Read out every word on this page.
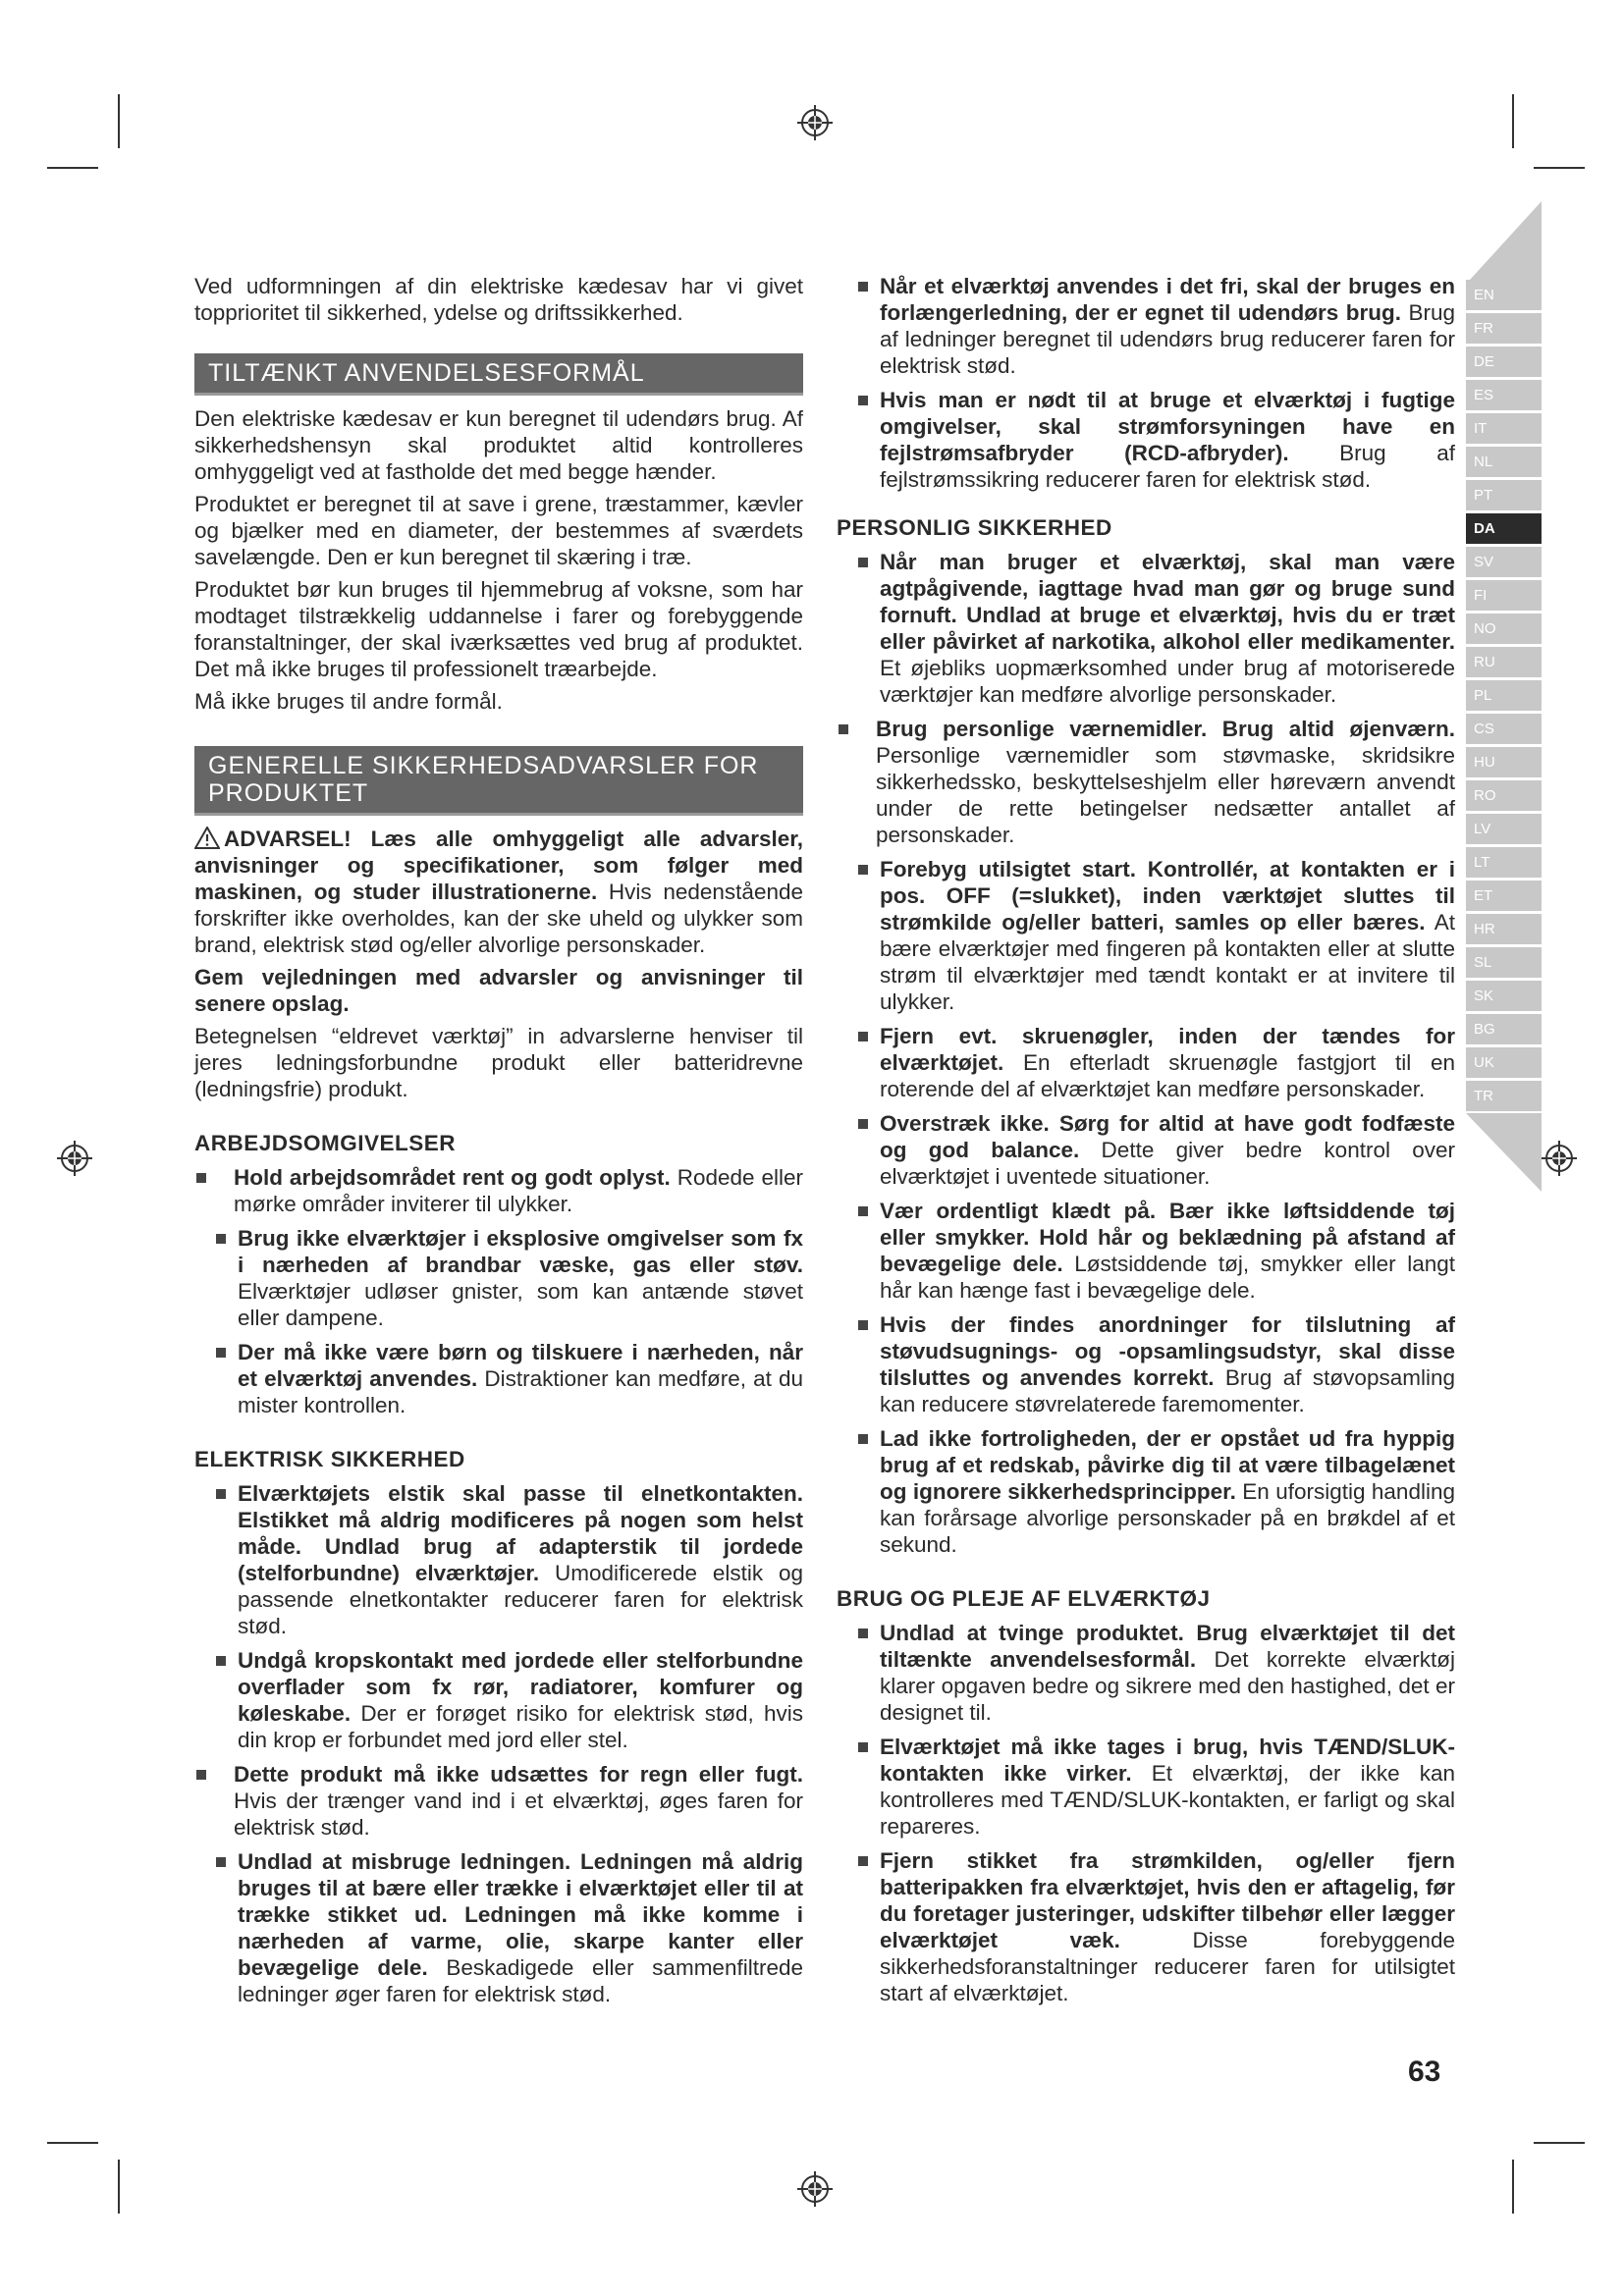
EN
FR
DE
ES
IT
NL
PT
DA
SV
FI
NO
RU
PL
CS
HU
RO
LV
LT
ET
HR
SL
SK
BG
UK
TR

Ved udformningen af din elektriske kædesav har vi givet topprioritet til sikkerhed, ydelse og driftssikkerhed.

TILTÆNKT ANVENDELSESFORMÅL

Den elektriske kædesav er kun beregnet til udendørs brug. Af sikkerhedshensyn skal produktet altid kontrolleres omhyggeligt ved at fastholde det med begge hænder.

Produktet er beregnet til at save i grene, træstammer, kævler og bjælker med en diameter, der bestemmes af sværdets savelængde. Den er kun beregnet til skæring i træ.

Produktet bør kun bruges til hjemmebrug af voksne, som har modtaget tilstrækkelig uddannelse i farer og forebyggende foranstaltninger, der skal iværksættes ved brug af produktet. Det må ikke bruges til professionelt træarbejde.

Må ikke bruges til andre formål.

GENERELLE SIKKERHEDSADVARSLER FOR PRODUKTET

ADVARSEL! Læs alle omhyggeligt alle advarsler, anvisninger og specifikationer, som følger med maskinen, og studer illustrationerne. Hvis nedenstående forskrifter ikke overholdes, kan der ske uheld og ulykker som brand, elektrisk stød og/eller alvorlige personskader.

Gem vejledningen med advarsler og anvisninger til senere opslag.

Betegnelsen “eldrevet værktøj” in advarslerne henviser til jeres ledningsforbundne produkt eller batteridrevne (ledningsfrie) produkt.

ARBEJDSOMGIVELSER
Hold arbejdsområdet rent og godt oplyst. Rodede eller mørke områder inviterer til ulykker.
Brug ikke elværktøjer i eksplosive omgivelser som fx i nærheden af brandbar væske, gas eller støv. Elværktøjer udløser gnister, som kan antænde støvet eller dampene.
Der må ikke være børn og tilskuere i nærheden, når et elværktøj anvendes. Distraktioner kan medføre, at du mister kontrollen.
ELEKTRISK SIKKERHED
Elværktøjets elstik skal passe til elnetkontakten. Elstikket må aldrig modificeres på nogen som helst måde. Undlad brug af adapterstik til jordede (stelforbundne) elværktøjer. Umodificerede elstik og passende elnetkontakter reducerer faren for elektrisk stød.
Undgå kropskontakt med jordede eller stelforbundne overflader som fx rør, radiatorer, komfurer og køleskabe. Der er forøget risiko for elektrisk stød, hvis din krop er forbundet med jord eller stel.
Dette produkt må ikke udsættes for regn eller fugt. Hvis der trænger vand ind i et elværktøj, øges faren for elektrisk stød.
Undlad at misbruge ledningen. Ledningen må aldrig bruges til at bære eller trække i elværktøjet eller til at trække stikket ud. Ledningen må ikke komme i nærheden af varme, olie, skarpe kanter eller bevægelige dele. Beskadigede eller sammenfiltrede ledninger øger faren for elektrisk stød.
Når et elværktøj anvendes i det fri, skal der bruges en forlængerledning, der er egnet til udendørs brug. Brug af ledninger beregnet til udendørs brug reducerer faren for elektrisk stød.
Hvis man er nødt til at bruge et elværktøj i fugtige omgivelser, skal strømforsyningen have en fejlstrømsafbryder (RCD-afbryder). Brug af fejlstrømssikring reducerer faren for elektrisk stød.
PERSONLIG SIKKERHED
Når man bruger et elværktøj, skal man være agtpågivende, iagttage hvad man gør og bruge sund fornuft. Undlad at bruge et elværktøj, hvis du er træt eller påvirket af narkotika, alkohol eller medikamenter. Et øjebliks uopmærksomhed under brug af motoriserede værktøjer kan medføre alvorlige personskader.
Brug personlige værnemidler. Brug altid øjenværn. Personlige værnemidler som støvmaske, skridsikre sikkerhedssko, beskyttelseshjelm eller høreværn anvendt under de rette betingelser nedsætter antallet af personskader.
Forebyg utilsigtet start. Kontrollér, at kontakten er i pos. OFF (=slukket), inden værktøjet sluttes til strømkilde og/eller batteri, samles op eller bæres. At bære elværktøjer med fingeren på kontakten eller at slutte strøm til elværktøjer med tændt kontakt er at invitere til ulykker.
Fjern evt. skruenøgler, inden der tændes for elværktøjet. En efterladt skruenøgle fastgjort til en roterende del af elværktøjet kan medføre personskader.
Overstræk ikke. Sørg for altid at have godt fodfæste og god balance. Dette giver bedre kontrol over elværktøjet i uventede situationer.
Vær ordentligt klædt på. Bær ikke løftsiddende tøj eller smykker. Hold hår og beklædning på afstand af bevægelige dele. Løstsiddende tøj, smykker eller langt hår kan hænge fast i bevægelige dele.
Hvis der findes anordninger for tilslutning af støvudsugnings- og -opsamlingsudstyr, skal disse tilsluttes og anvendes korrekt. Brug af støvopsamling kan reducere støvrelaterede faremomenter.
Lad ikke fortroligheden, der er opstået ud fra hyppig brug af et redskab, påvirke dig til at være tilbagelænet og ignorere sikkerhedsprincipper. En uforsigtig handling kan forårsage alvorlige personskader på en brøkdel af et sekund.
BRUG OG PLEJE AF ELVÆRKTØJ
Undlad at tvinge produktet. Brug elværktøjet til det tiltænkte anvendelsesformål. Det korrekte elværktøj klarer opgaven bedre og sikrere med den hastighed, det er designet til.
Elværktøjet må ikke tages i brug, hvis TÆND/SLUK-kontakten ikke virker. Et elværktøj, der ikke kan kontrolleres med TÆND/SLUK-kontakten, er farligt og skal repareres.
Fjern stikket fra strømkilden, og/eller fjern batteripakken fra elværktøjet, hvis den er aftagelig, før du foretager justeringer, udskifter tilbehør eller lægger elværktøjet væk. Disse forebyggende sikkerhedsforanstaltninger reducerer faren for utilsigtet start af elværktøjet.
63
